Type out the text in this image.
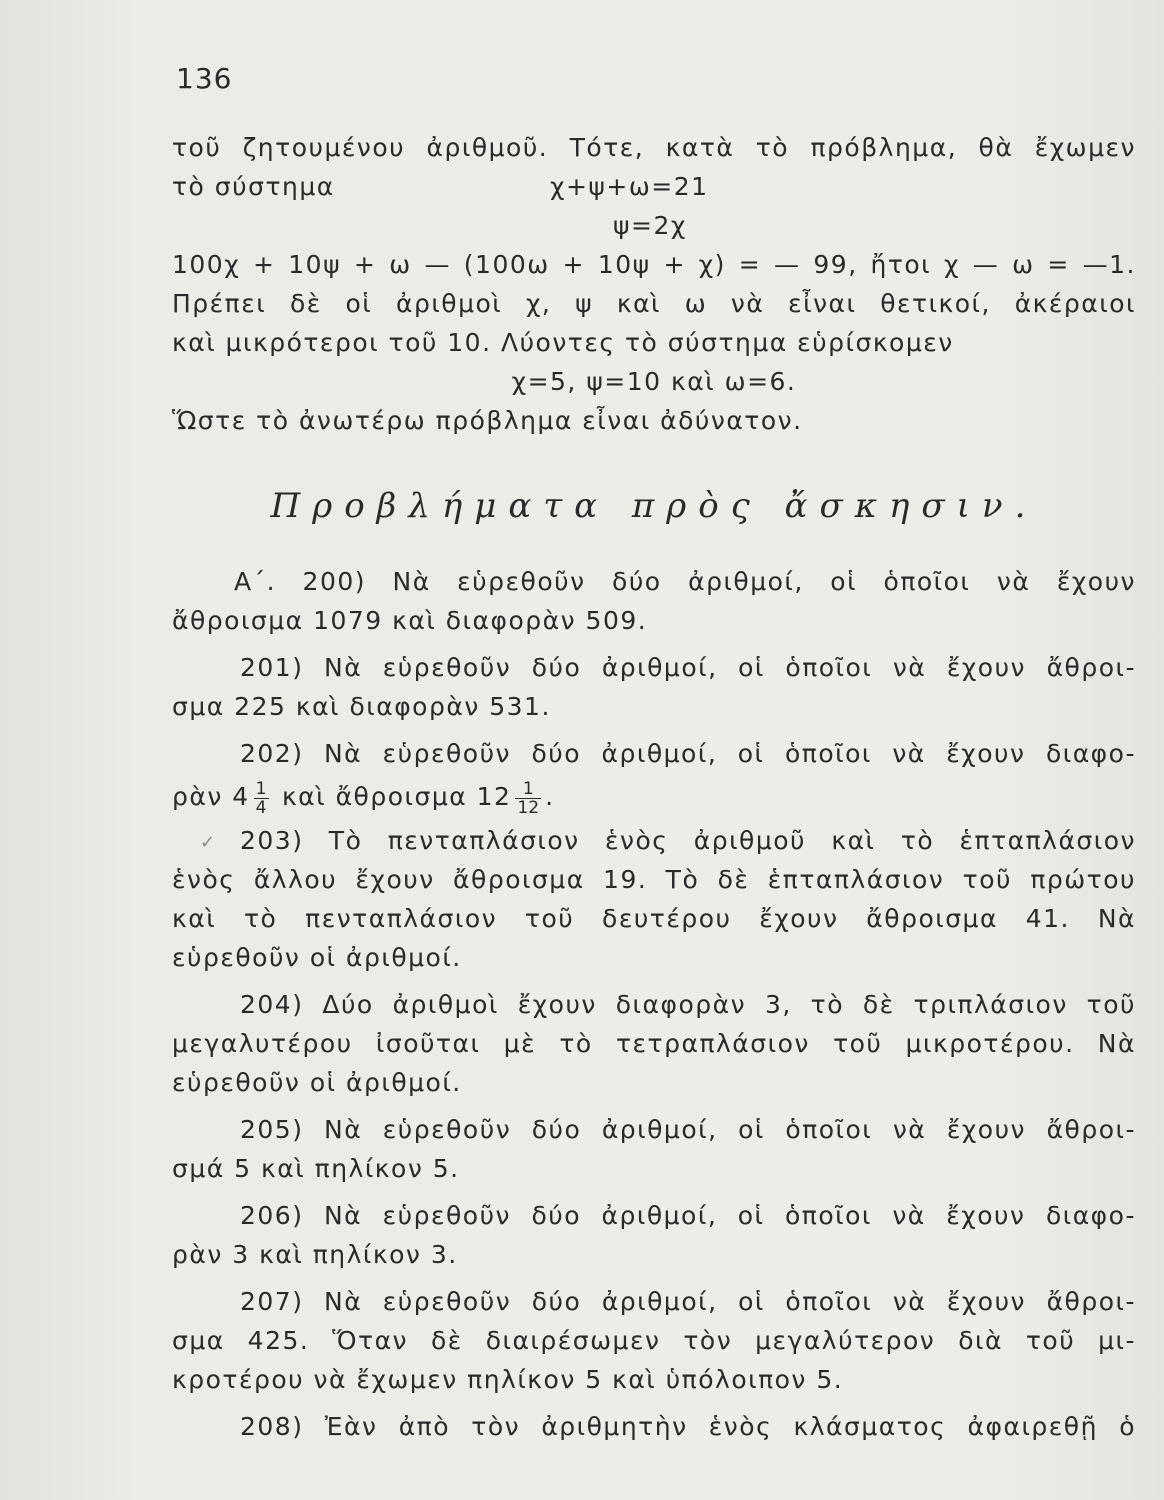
136
τοῦ ζητουμένου ἀριθμοῦ. Τότε, κατὰ τὸ πρόβλημα, θὰ ἔχωμεν
τὸ σύστημα	χ+ψ+ω=21
ψ=2χ
100χ + 10ψ + ω — (100ω + 10ψ + χ) = — 99, ἤτοι χ — ω = —1.
Πρέπει δὲ οἱ ἀριθμοὶ χ, ψ καὶ ω νὰ εἶναι θετικοί, ἀκέραιοι
καὶ μικρότεροι τοῦ 10. Λύοντες τὸ σύστημα εὑρίσκομεν
χ=5, ψ=10 καὶ ω=6.
Ὥστε τὸ ἀνωτέρω πρόβλημα εἶναι ἀδύνατον.
Προβλήματα πρὸς ἄσκησιν.
Α΄. 200) Νὰ εὑρεθοῦν δύο ἀριθμοί, οἱ ὁποῖοι νὰ ἔχουν
ἄθροισμα 1079 καὶ διαφορὰν 509.
201) Νὰ εὑρεθοῦν δύο ἀριθμοί, οἱ ὁποῖοι νὰ ἔχουν ἄθροι-
σμα 225 καὶ διαφορὰν 531.
202) Νὰ εὑρεθοῦν δύο ἀριθμοί, οἱ ὁποῖοι νὰ ἔχουν διαφο-
ρὰν $4 \frac{1}{4}$ καὶ ἄθροισμα $12 \frac{1}{12}$ .
✓ 203) Τὸ πενταπλάσιον ἑνὸς ἀριθμοῦ καὶ τὸ ἑπταπλάσιον
ἑνὸς ἄλλου ἔχουν ἄθροισμα 19. Τὸ δὲ ἑπταπλάσιον τοῦ πρώτου
καὶ τὸ πενταπλάσιον τοῦ δευτέρου ἔχουν ἄθροισμα 41. Νὰ
εὑρεθοῦν οἱ ἀριθμοί.
204) Δύο ἀριθμοὶ ἔχουν διαφορὰν 3, τὸ δὲ τριπλάσιον τοῦ
μεγαλυτέρου ἰσοῦται μὲ τὸ τετραπλάσιον τοῦ μικροτέρου. Νὰ
εὑρεθοῦν οἱ ἀριθμοί.
205) Νὰ εὑρεθοῦν δύο ἀριθμοί, οἱ ὁποῖοι νὰ ἔχουν ἄθροι-
σμά 5 καὶ πηλίκον 5.
206) Νὰ εὑρεθοῦν δύο ἀριθμοί, οἱ ὁποῖοι νὰ ἔχουν διαφο-
ρὰν 3 καὶ πηλίκον 3.
207) Νὰ εὑρεθοῦν δύο ἀριθμοί, οἱ ὁποῖοι νὰ ἔχουν ἄθροι-
σμα 425. Ὅταν δὲ διαιρέσωμεν τὸν μεγαλύτερον διὰ τοῦ μι-
κροτέρου νὰ ἔχωμεν πηλίκον 5 καὶ ὑπόλοιπον 5.
208) Ἐὰν ἀπὸ τὸν ἀριθμητὴν ἑνὸς κλάσματος ἀφαιρεθῇ ὁ
